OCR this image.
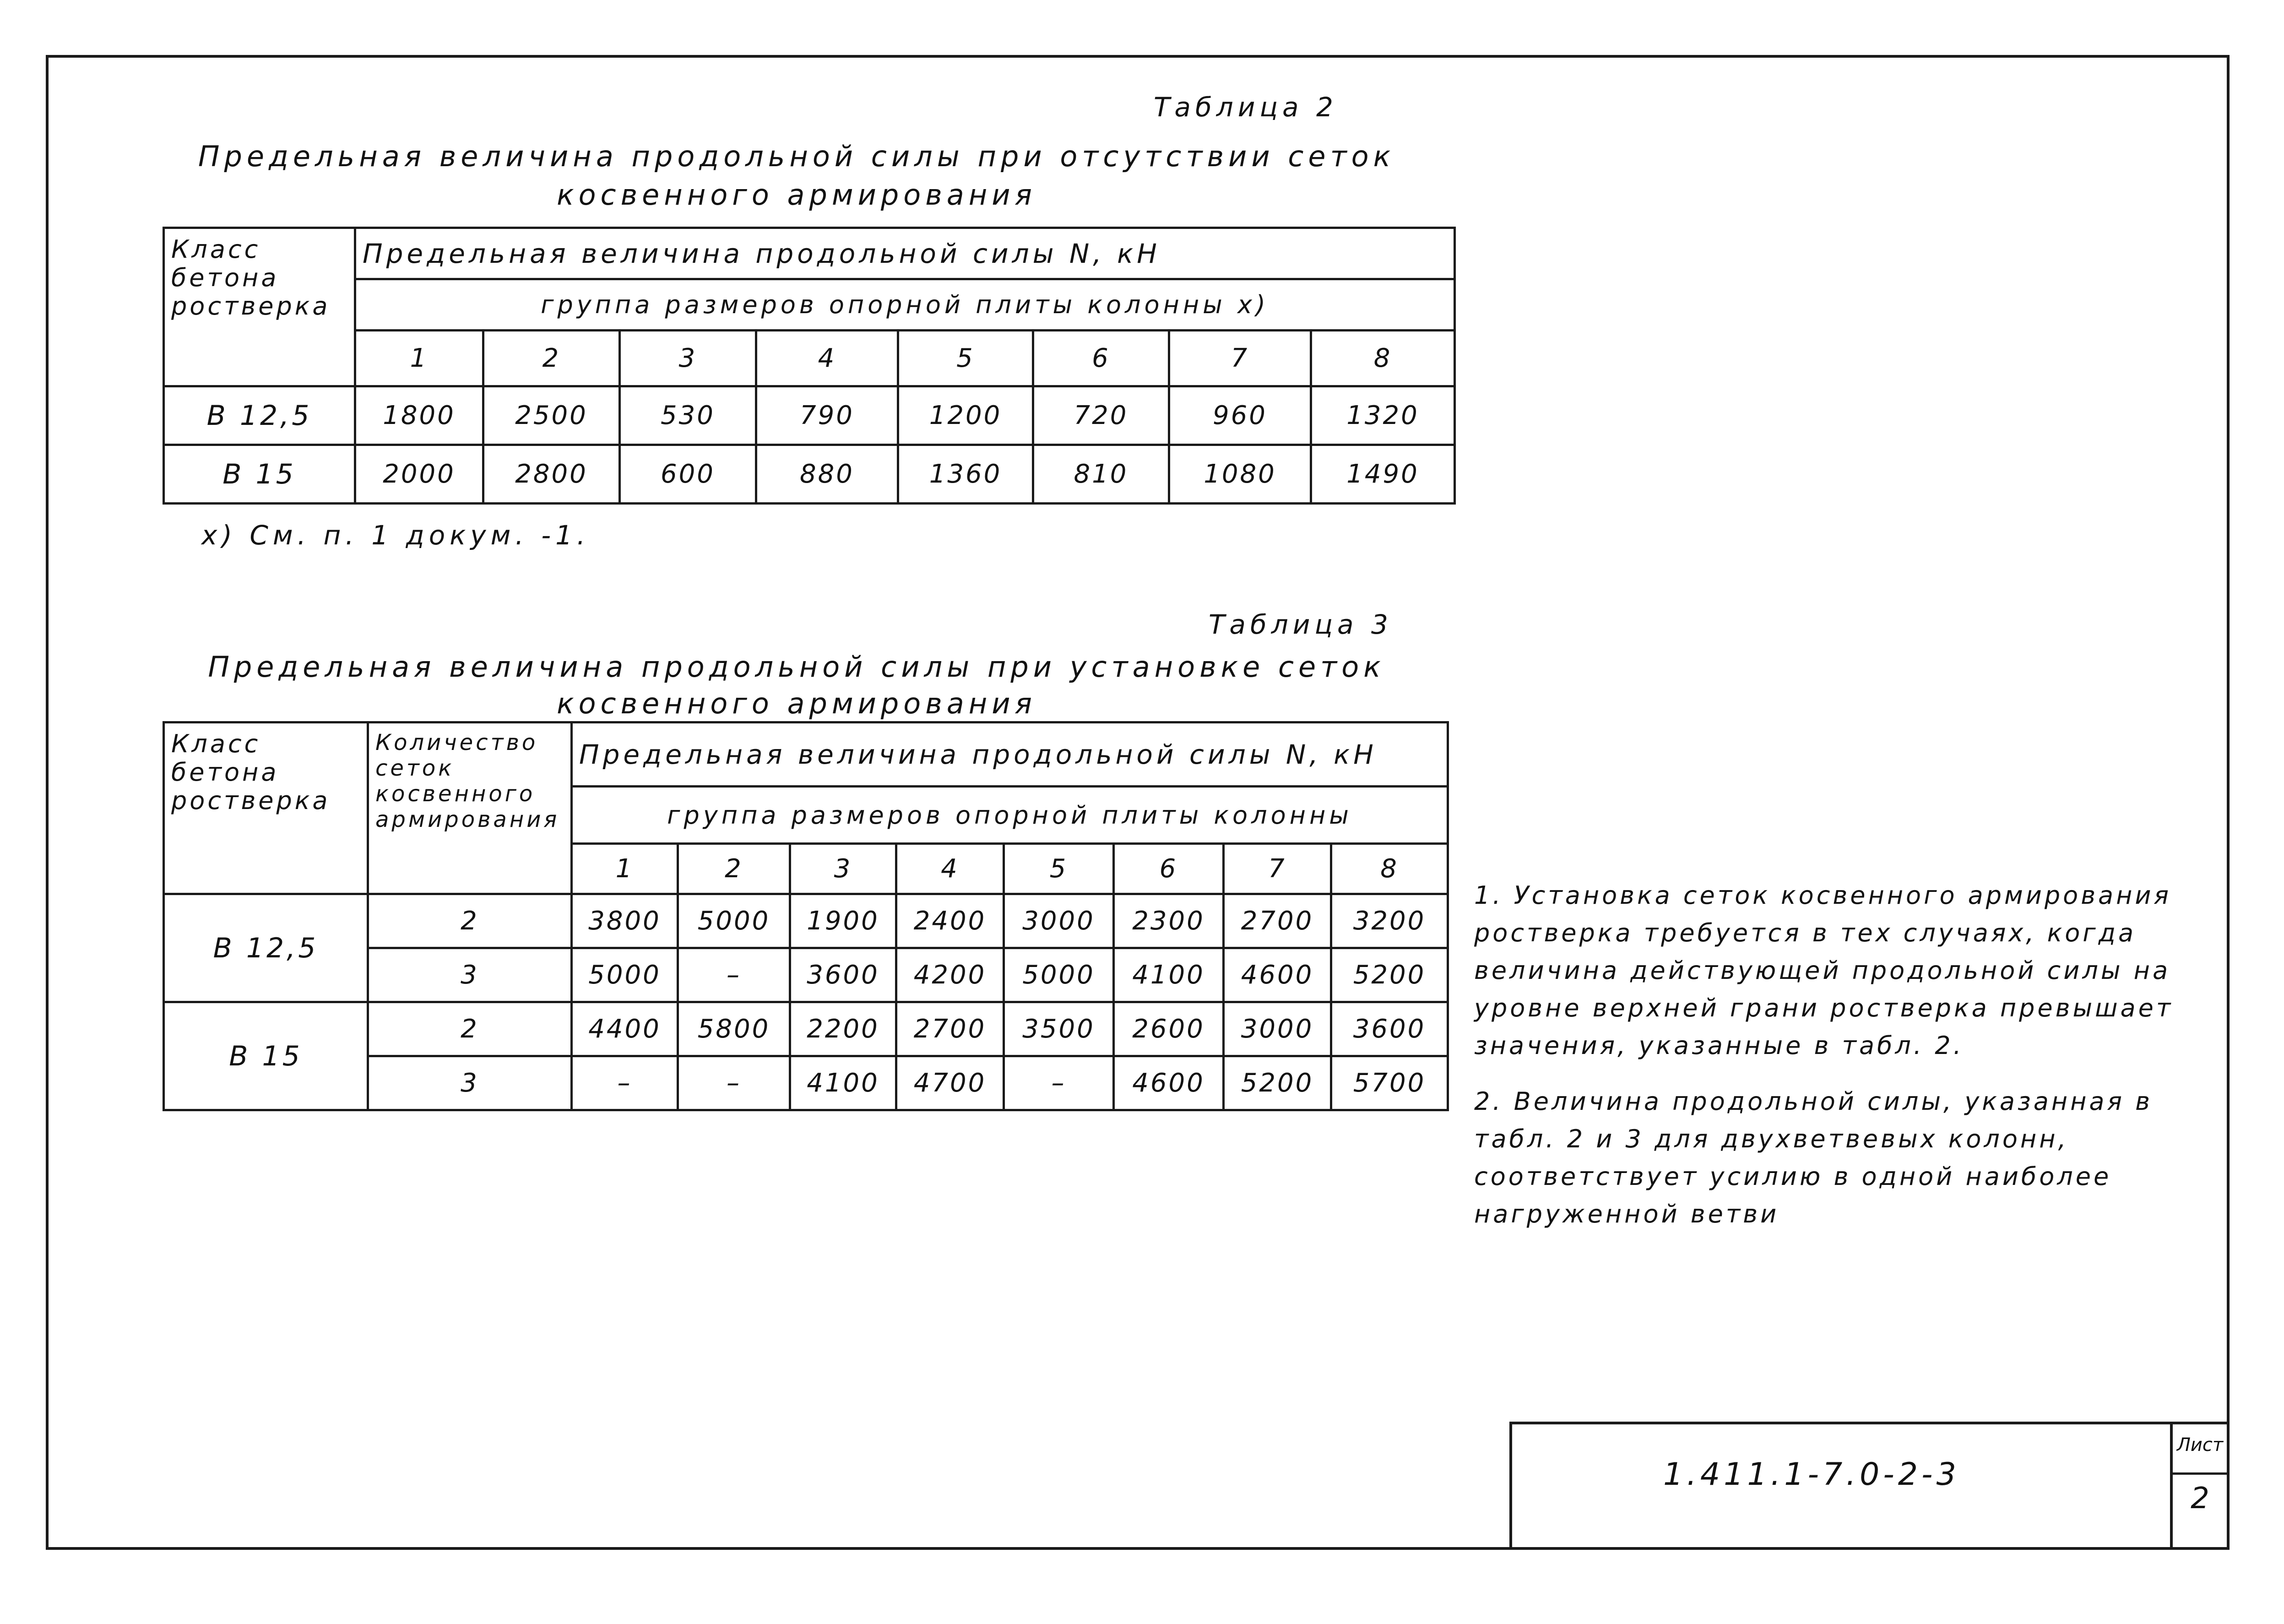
Таблица 2
Предельная величина продольной силы при отсутствии сеток
косвенного армирования
Класс бетона ростверка	Предельная величина продольной силы N, кН							
	группа размеров опорной плиты колонны х)							
	1	2	3	4	5	6	7	8
В 12,5	1800	2500	530	790	1200	720	960	1320
В 15	2000	2800	600	880	1360	810	1080	1490
х) См. п. 1 докум. -1.
Таблица 3
Предельная величина продольной силы при установке сеток
косвенного армирования
Класс бетона ростверка	Количество сеток косвенного армирования	Предельная величина продольной силы N, кН							
		группа размеров опорной плиты колонны							
		1	2	3	4	5	6	7	8
В 12,5	2	3800	5000	1900	2400	3000	2300	2700	3200
	3	5000	–	3600	4200	5000	4100	4600	5200
В 15	2	4400	5800	2200	2700	3500	2600	3000	3600
	3	–	–	4100	4700	–	4600	5200	5700

1. Установка сеток косвенного армирования ростверка требуется в тех случаях, когда величина действующей продольной силы на уровне верхней грани ростверка превышает значения, указанные в табл. 2.

2. Величина продольной силы, указанная в табл. 2 и 3 для двухветвевых колонн, соответствует усилию в одной наиболее нагруженной ветви

1.411.1-7.0-2-3
Лист
2
